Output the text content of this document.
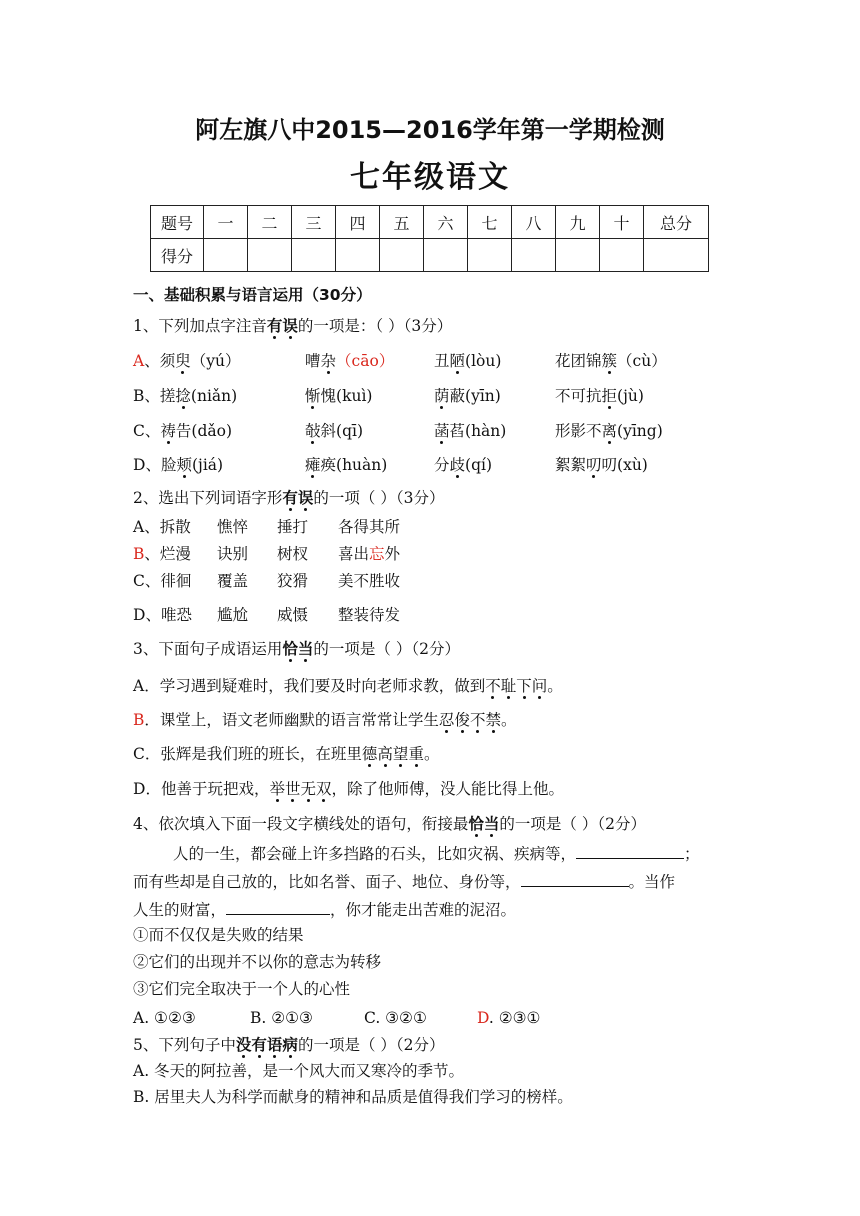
阿左旗八中2015—2016学年第一学期检测
七年级语文
题号	一	二	三	四	五	六	七	八	九	十	总分
得分											
一、基础积累与语言运用（30分）
1、下列加点字注音有误的一项是：（ ）（3分）
A、须臾（yú）	嘈杂（cāo）	丑陋(lòu)	花团锦簇（cù）
B、搓捻(niǎn)	惭愧(kuì)	荫蔽(yīn)	不可抗拒(jù)
C、祷告(dǎo)	敧斜(qī)	菡萏(hàn)	形影不离(yīng)
D、脸颊(jiá)	瘫痪(huàn)	分歧(qí)	絮絮叨叨(xù)
2、选出下列词语字形有误的一项（ ）（3分）
A、拆散 憔悴 捶打 各得其所
B、烂漫 诀别 树杈 喜出忘外
C、徘徊 覆盖 狡猾 美不胜收
D、唯恐 尴尬 威慑 整装待发
3、下面句子成语运用恰当的一项是（ ）（2分）
A．学习遇到疑难时，我们要及时向老师求教，做到不耻下问。
B．课堂上，语文老师幽默的语言常常让学生忍俊不禁。
C．张辉是我们班的班长，在班里德高望重。
D．他善于玩把戏，举世无双，除了他师傅，没人能比得上他。
4、依次填入下面一段文字横线处的语句，衔接最恰当的一项是（ ）（2分）
人的一生，都会碰上许多挡路的石头，比如灾祸、疾病等，	；
而有些却是自己放的，比如名誉、面子、地位、身份等，	。当作
人生的财富，	，你才能走出苦难的泥沼。
①而不仅仅是失败的结果
②它们的出现并不以你的意志为转移
③它们完全取决于一个人的心性
A. ①②③	B. ②①③	C. ③②①	D. ②③①
5、下列句子中没有语病的一项是（ ）（2分）
A. 冬天的阿拉善，是一个风大而又寒冷的季节。
B. 居里夫人为科学而献身的精神和品质是值得我们学习的榜样。
